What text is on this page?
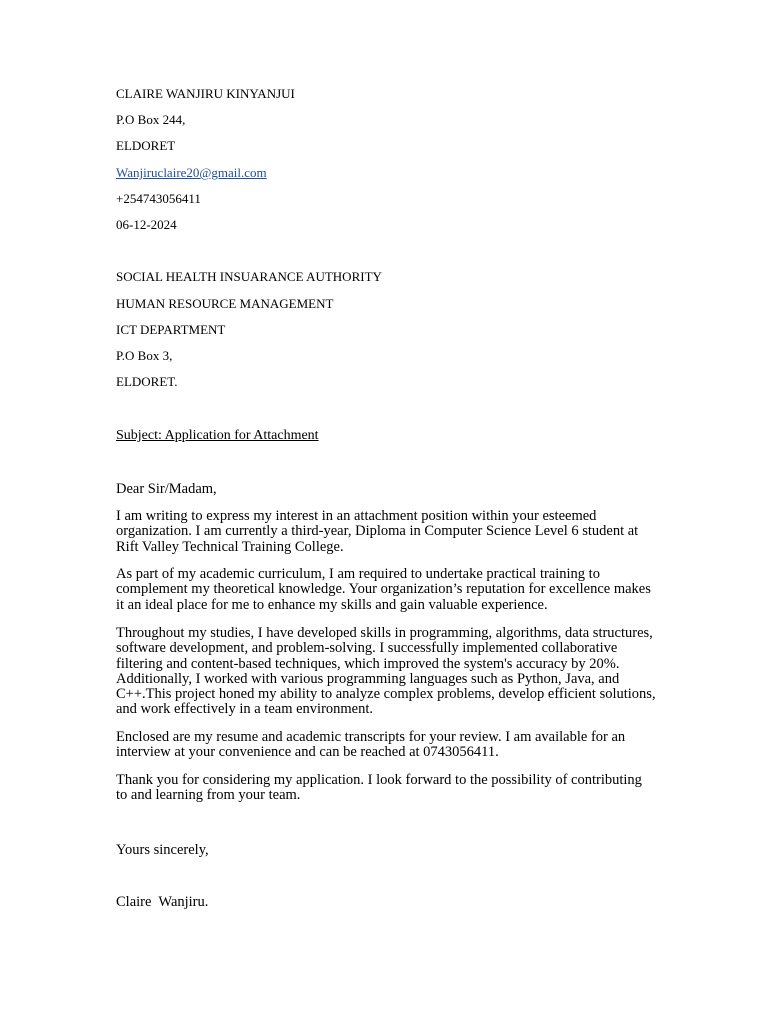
CLAIRE WANJIRU KINYANJUI
P.O Box 244,
ELDORET
Wanjiruclaire20@gmail.com
+254743056411
06-12-2024
SOCIAL HEALTH INSUARANCE AUTHORITY
HUMAN RESOURCE MANAGEMENT
ICT DEPARTMENT
P.O Box 3,
ELDORET.
Subject: Application for Attachment
Dear Sir/Madam,
I am writing to express my interest in an attachment position within your esteemed organization. I am currently a third-year, Diploma in Computer Science Level 6 student at Rift Valley Technical Training College.
As part of my academic curriculum, I am required to undertake practical training to complement my theoretical knowledge. Your organization’s reputation for excellence makes it an ideal place for me to enhance my skills and gain valuable experience.
Throughout my studies, I have developed skills in programming, algorithms, data structures, software development, and problem-solving. I successfully implemented collaborative filtering and content-based techniques, which improved the system's accuracy by 20%. Additionally, I worked with various programming languages such as Python, Java, and C++.This project honed my ability to analyze complex problems, develop efficient solutions, and work effectively in a team environment.
Enclosed are my resume and academic transcripts for your review. I am available for an interview at your convenience and can be reached at 0743056411.
Thank you for considering my application. I look forward to the possibility of contributing to and learning from your team.
Yours sincerely,
Claire  Wanjiru.
